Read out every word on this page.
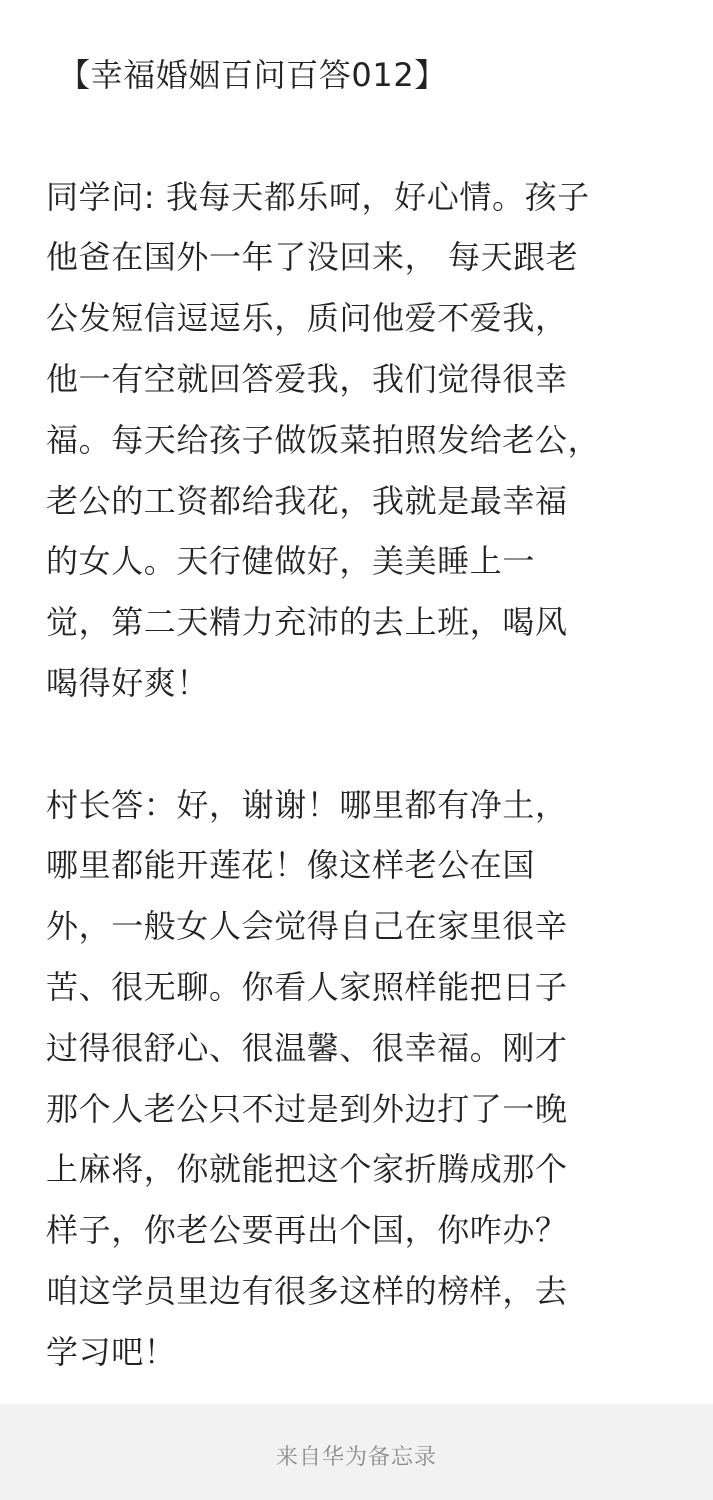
【幸福婚姻百问百答012】
同学问: 我每天都乐呵，好心情。孩子
他爸在国外一年了没回来， 每天跟老
公发短信逗逗乐，质问他爱不爱我，
他一有空就回答爱我，我们觉得很幸
福。每天给孩子做饭菜拍照发给老公，
老公的工资都给我花，我就是最幸福
的女人。天行健做好，美美睡上一
觉，第二天精力充沛的去上班，喝风
喝得好爽！
村长答：好，谢谢！哪里都有净土，
哪里都能开莲花！像这样老公在国
外，一般女人会觉得自己在家里很辛
苦、很无聊。你看人家照样能把日子
过得很舒心、很温馨、很幸福。刚才
那个人老公只不过是到外边打了一晚
上麻将，你就能把这个家折腾成那个
样子，你老公要再出个国，你咋办？
咱这学员里边有很多这样的榜样，去
学习吧！
来自华为备忘录
